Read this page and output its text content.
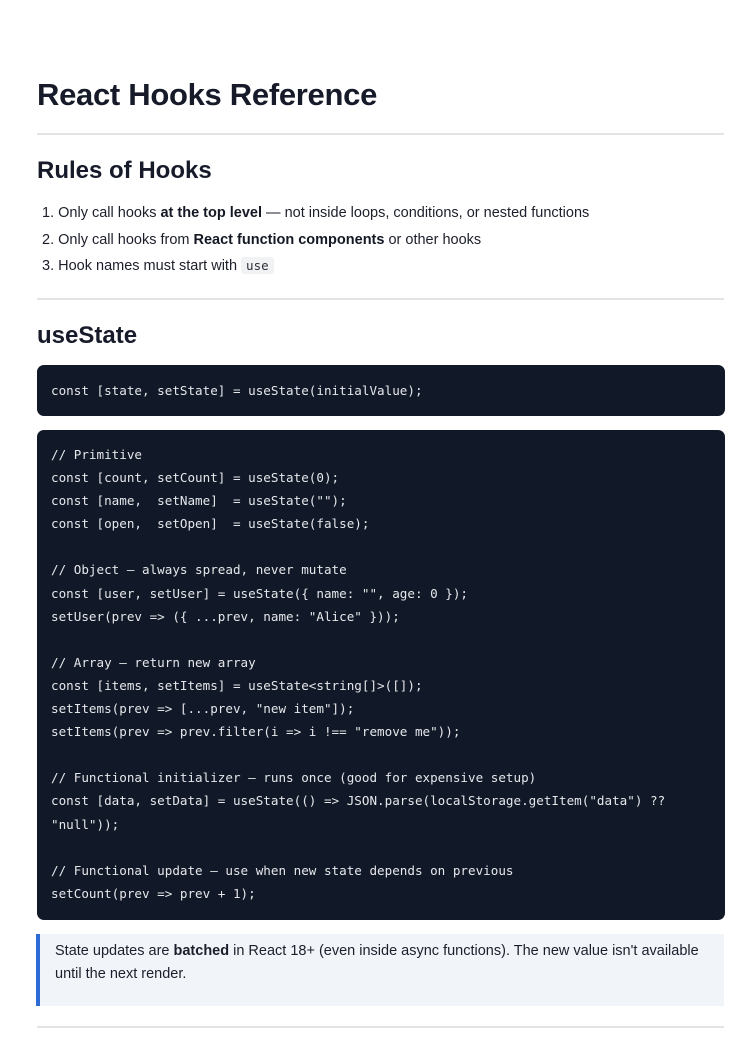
React Hooks Reference
Rules of Hooks
1. Only call hooks at the top level — not inside loops, conditions, or nested functions
2. Only call hooks from React function components or other hooks
3. Hook names must start with use
useState
const [state, setState] = useState(initialValue);
// Primitive
const [count, setCount] = useState(0);
const [name,  setName]  = useState("");
const [open,  setOpen]  = useState(false);
// Object — always spread, never mutate
const [user, setUser] = useState({ name: "", age: 0 });
setUser(prev => ({ ...prev, name: "Alice" }));
// Array — return new array
const [items, setItems] = useState<string[]>([]);
setItems(prev => [...prev, "new item"]);
setItems(prev => prev.filter(i => i !== "remove me"));
// Functional initializer — runs once (good for expensive setup)
const [data, setData] = useState(() => JSON.parse(localStorage.getItem("data") ??
"null"));
// Functional update — use when new state depends on previous
setCount(prev => prev + 1);
State updates are batched in React 18+ (even inside async functions). The new value isn't available until the next render.
